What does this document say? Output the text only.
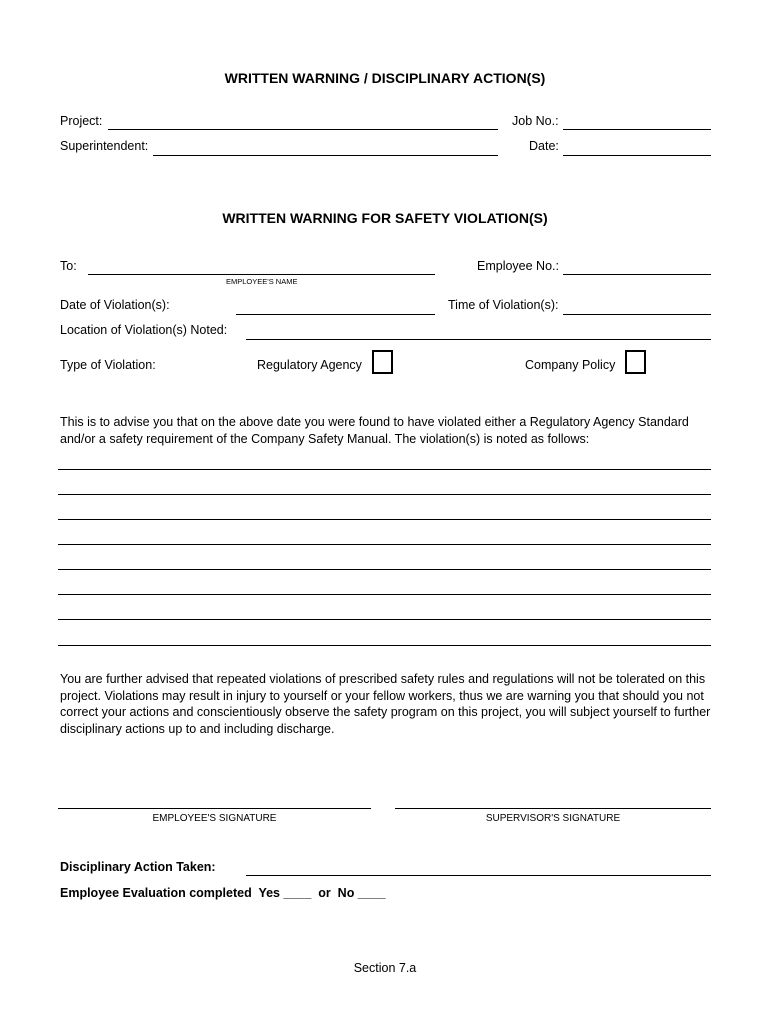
WRITTEN WARNING / DISCIPLINARY ACTION(S)
Project:	Job No.:
Superintendent:	Date:
WRITTEN WARNING FOR SAFETY VIOLATION(S)
To:
EMPLOYEE'S NAME
Employee No.:
Date of Violation(s):	Time of Violation(s):
Location of Violation(s) Noted:
Type of Violation:	Regulatory Agency	Company Policy
This is to advise you that on the above date you were found to have violated either a Regulatory Agency Standard and/or a safety requirement of the Company Safety Manual. The violation(s) is noted as follows:
You are further advised that repeated violations of prescribed safety rules and regulations will not be tolerated on this project. Violations may result in injury to yourself or your fellow workers, thus we are warning you that should you not correct your actions and conscientiously observe the safety program on this project, you will subject yourself to further disciplinary actions up to and including discharge.
EMPLOYEE'S SIGNATURE	SUPERVISOR'S SIGNATURE
Disciplinary Action Taken:
Employee Evaluation completed  Yes ____  or  No ____
Section 7.a
